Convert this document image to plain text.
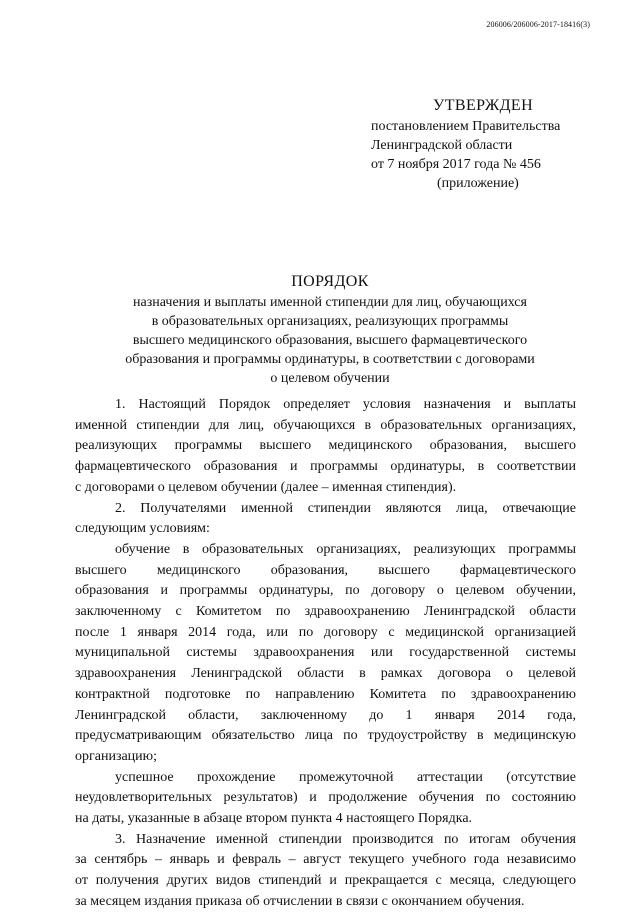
206006/206006-2017-18416(3)
УТВЕРЖДЕН
постановлением Правительства
Ленинградской области
от 7 ноября 2017 года № 456
(приложение)
ПОРЯДОК
назначения и выплаты именной стипендии для лиц, обучающихся
в образовательных организациях, реализующих программы
высшего медицинского образования, высшего фармацевтического
образования и программы ординатуры, в соответствии с договорами
о целевом обучении
1. Настоящий Порядок определяет условия назначения и выплаты
именной стипендии для лиц, обучающихся в образовательных организациях,
реализующих программы высшего медицинского образования, высшего
фармацевтического образования и программы ординатуры, в соответствии
с договорами о целевом обучении (далее – именная стипендия).
2. Получателями именной стипендии являются лица, отвечающие
следующим условиям:
обучение в образовательных организациях, реализующих программы
высшего медицинского образования, высшего фармацевтического
образования и программы ординатуры, по договору о целевом обучении,
заключенному с Комитетом по здравоохранению Ленинградской области
после 1 января 2014 года, или по договору с медицинской организацией
муниципальной системы здравоохранения или государственной системы
здравоохранения Ленинградской области в рамках договора о целевой
контрактной подготовке по направлению Комитета по здравоохранению
Ленинградской области, заключенному до 1 января 2014 года,
предусматривающим обязательство лица по трудоустройству в медицинскую
организацию;
успешное прохождение промежуточной аттестации (отсутствие
неудовлетворительных результатов) и продолжение обучения по состоянию
на даты, указанные в абзаце втором пункта 4 настоящего Порядка.
3. Назначение именной стипендии производится по итогам обучения
за сентябрь – январь и февраль – август текущего учебного года независимо
от получения других видов стипендий и прекращается с месяца, следующего
за месяцем издания приказа об отчислении в связи с окончанием обучения.
